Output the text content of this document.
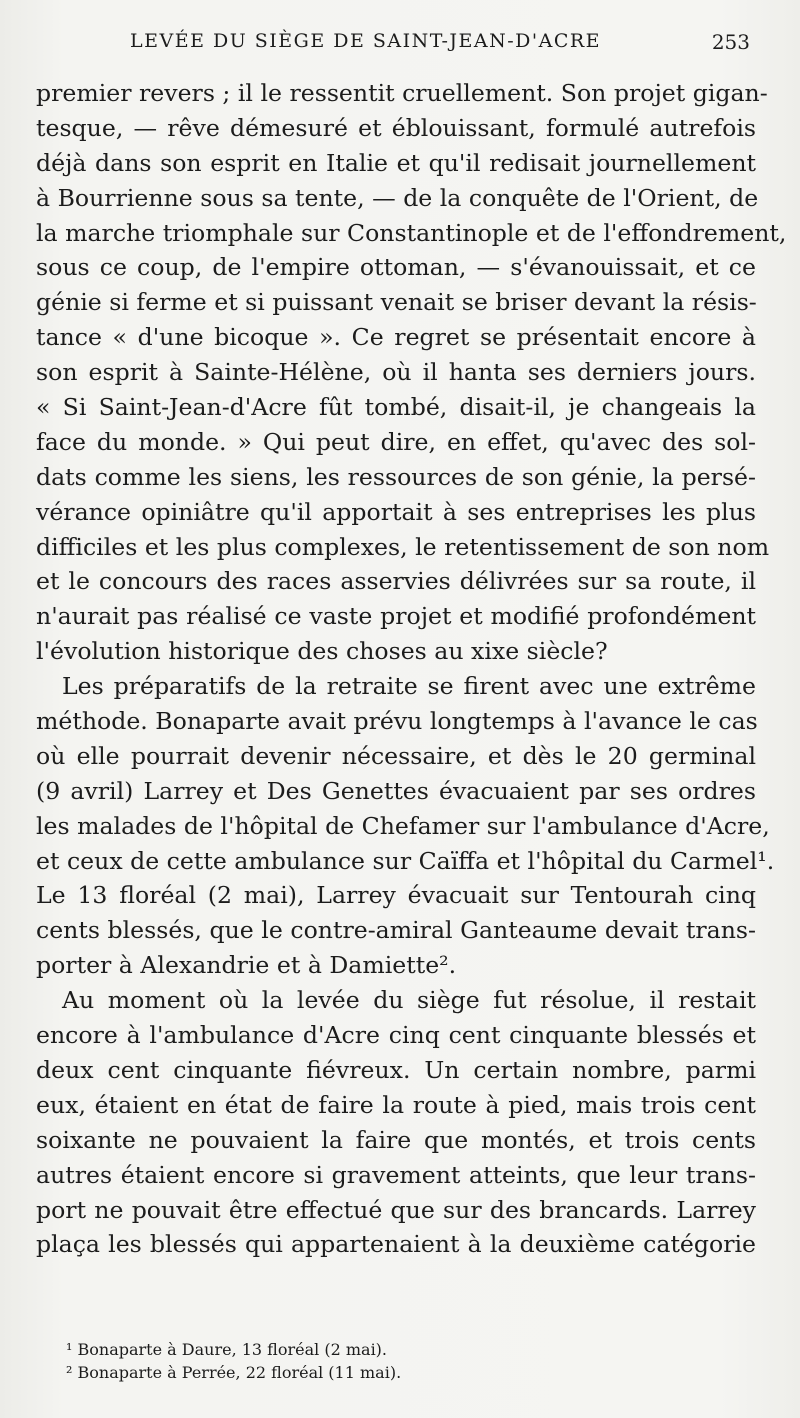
LEVÉE DU SIÈGE DE SAINT-JEAN-D'ACRE	253
premier revers ; il le ressentit cruellement. Son projet gigan-
tesque, — rêve démesuré et éblouissant, formulé autrefois
déjà dans son esprit en Italie et qu'il redisait journellement
à Bourrienne sous sa tente, — de la conquête de l'Orient, de
la marche triomphale sur Constantinople et de l'effondrement,
sous ce coup, de l'empire ottoman, — s'évanouissait, et ce
génie si ferme et si puissant venait se briser devant la résis-
tance « d'une bicoque ». Ce regret se présentait encore à
son esprit à Sainte-Hélène, où il hanta ses derniers jours.
« Si Saint-Jean-d'Acre fût tombé, disait-il, je changeais la
face du monde. » Qui peut dire, en effet, qu'avec des sol-
dats comme les siens, les ressources de son génie, la persé-
vérance opiniâtre qu'il apportait à ses entreprises les plus
difficiles et les plus complexes, le retentissement de son nom
et le concours des races asservies délivrées sur sa route, il
n'aurait pas réalisé ce vaste projet et modifié profondément
l'évolution historique des choses au xixe siècle?
Les préparatifs de la retraite se firent avec une extrême
méthode. Bonaparte avait prévu longtemps à l'avance le cas
où elle pourrait devenir nécessaire, et dès le 20 germinal
(9 avril) Larrey et Des Genettes évacuaient par ses ordres
les malades de l'hôpital de Chefamer sur l'ambulance d'Acre,
et ceux de cette ambulance sur Caïffa et l'hôpital du Carmel¹.
Le 13 floréal (2 mai), Larrey évacuait sur Tentourah cinq
cents blessés, que le contre-amiral Ganteaume devait trans-
porter à Alexandrie et à Damiette².
Au moment où la levée du siège fut résolue, il restait
encore à l'ambulance d'Acre cinq cent cinquante blessés et
deux cent cinquante fiévreux. Un certain nombre, parmi
eux, étaient en état de faire la route à pied, mais trois cent
soixante ne pouvaient la faire que montés, et trois cents
autres étaient encore si gravement atteints, que leur trans-
port ne pouvait être effectué que sur des brancards. Larrey
plaça les blessés qui appartenaient à la deuxième catégorie
¹ Bonaparte à Daure, 13 floréal (2 mai).
² Bonaparte à Perrée, 22 floréal (11 mai).
